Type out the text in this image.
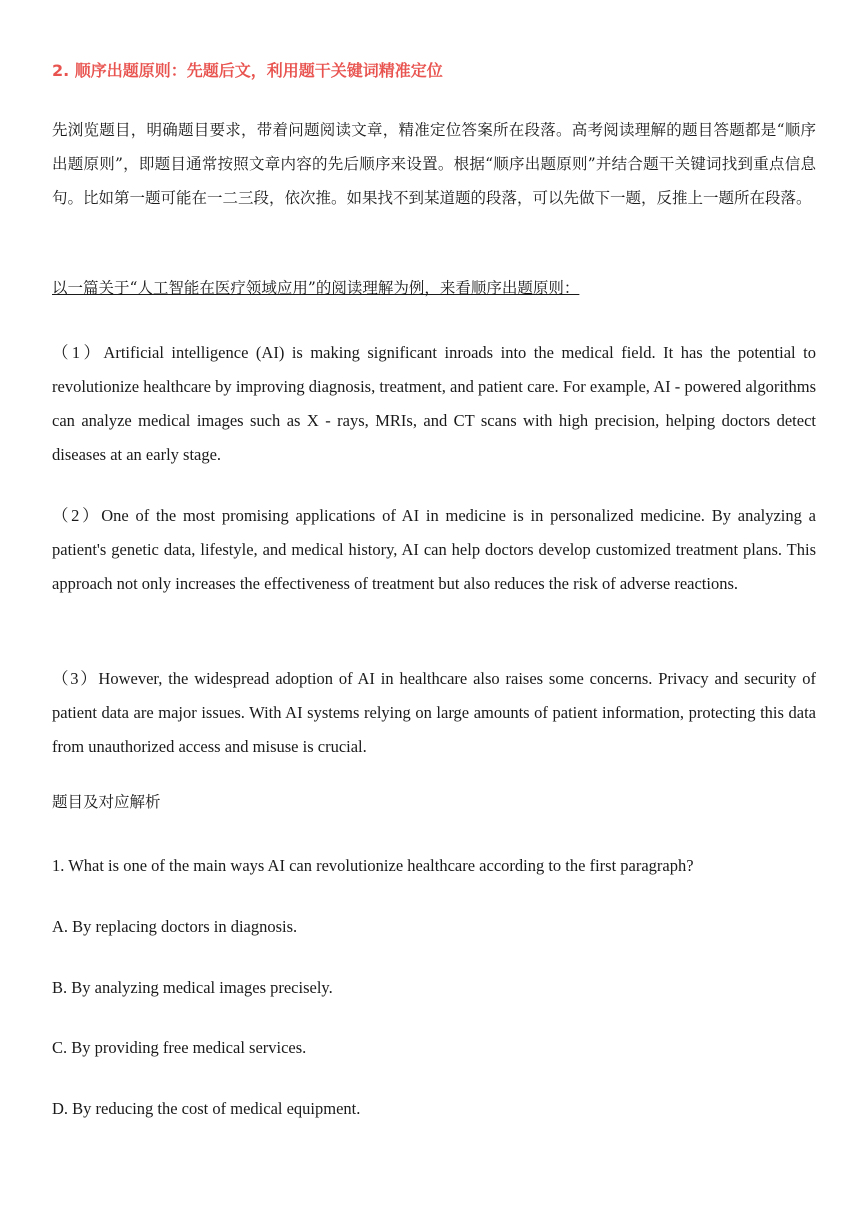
2. 顺序出题原则：先题后文，利用题干关键词精准定位

先浏览题目，明确题目要求，带着问题阅读文章，精准定位答案所在段落。高考阅读理解的题目答题都是“顺序出题原则”，即题目通常按照文章内容的先后顺序来设置。根据“顺序出题原则”并结合题干关键词找到重点信息句。比如第一题可能在一二三段，依次推。如果找不到某道题的段落，可以先做下一题，反推上一题所在段落。

以一篇关于“人工智能在医疗领域应用”的阅读理解为例，来看顺序出题原则：

（1）Artificial intelligence (AI) is making significant inroads into the medical field. It has the potential to revolutionize healthcare by improving diagnosis, treatment, and patient care. For example, AI - powered algorithms can analyze medical images such as X - rays, MRIs, and CT scans with high precision, helping doctors detect diseases at an early stage.

（2）One of the most promising applications of AI in medicine is in personalized medicine. By analyzing a patient's genetic data, lifestyle, and medical history, AI can help doctors develop customized treatment plans. This approach not only increases the effectiveness of treatment but also reduces the risk of adverse reactions.

（3）However, the widespread adoption of AI in healthcare also raises some concerns. Privacy and security of patient data are major issues. With AI systems relying on large amounts of patient information, protecting this data from unauthorized access and misuse is crucial.

题目及对应解析
1. What is one of the main ways AI can revolutionize healthcare according to the first paragraph?
A. By replacing doctors in diagnosis.
B. By analyzing medical images precisely.
C. By providing free medical services.
D. By reducing the cost of medical equipment.
